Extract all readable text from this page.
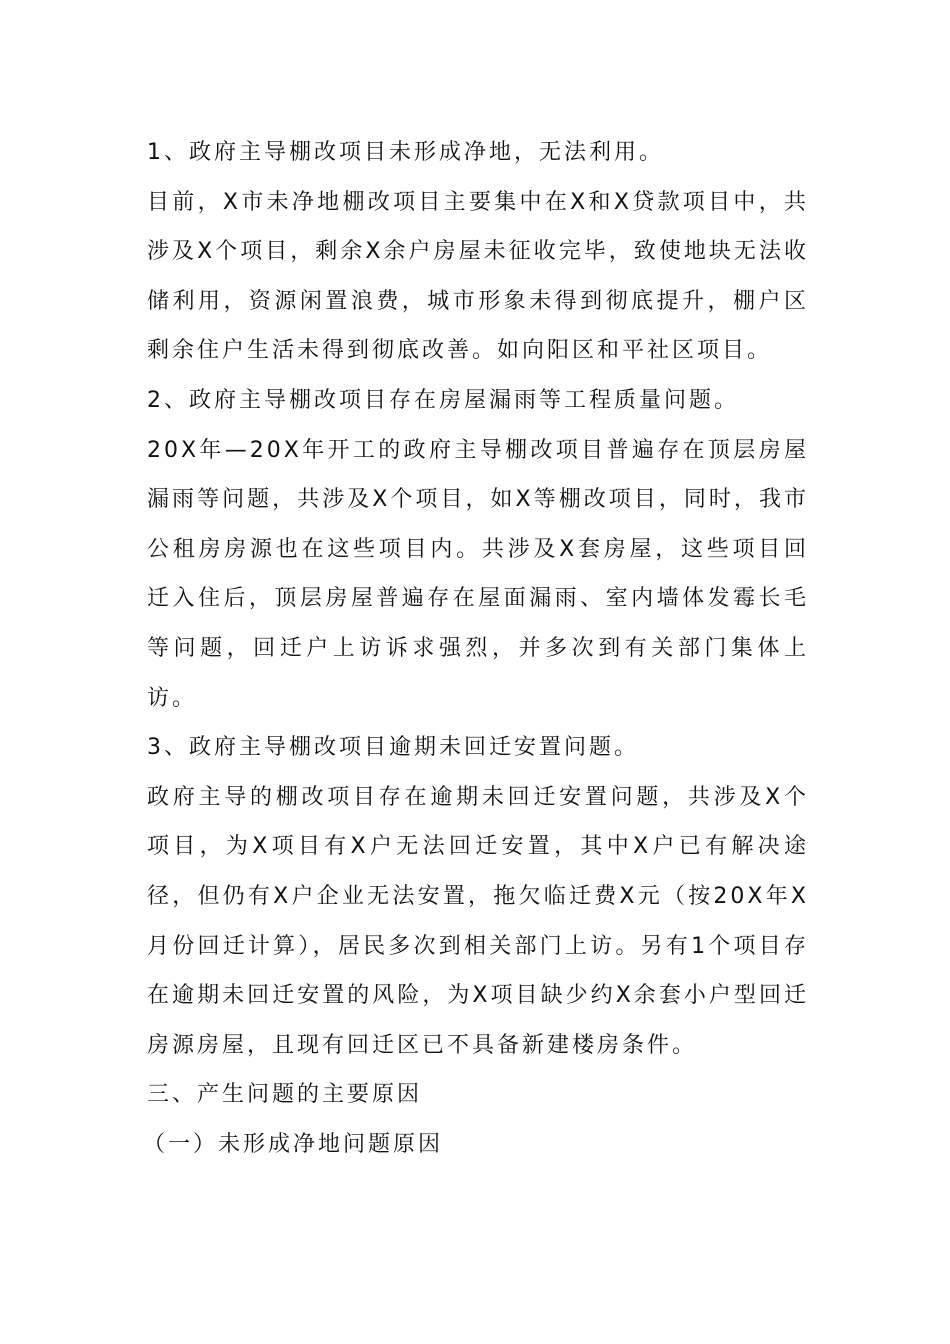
1、政府主导棚改项目未形成净地，无法利用。

目前，X市未净地棚改项目主要集中在X和X贷款项目中，共涉及X个项目，剩余X余户房屋未征收完毕，致使地块无法收储利用，资源闲置浪费，城市形象未得到彻底提升，棚户区剩余住户生活未得到彻底改善。如向阳区和平社区项目。

2、政府主导棚改项目存在房屋漏雨等工程质量问题。

20X年—20X年开工的政府主导棚改项目普遍存在顶层房屋漏雨等问题，共涉及X个项目，如X等棚改项目，同时，我市公租房房源也在这些项目内。共涉及X套房屋，这些项目回迁入住后，顶层房屋普遍存在屋面漏雨、室内墙体发霉长毛等问题，回迁户上访诉求强烈，并多次到有关部门集体上访。

3、政府主导棚改项目逾期未回迁安置问题。

政府主导的棚改项目存在逾期未回迁安置问题，共涉及X个项目，为X项目有X户无法回迁安置，其中X户已有解决途径，但仍有X户企业无法安置，拖欠临迁费X元（按20X年X月份回迁计算），居民多次到相关部门上访。另有1个项目存在逾期未回迁安置的风险，为X项目缺少约X余套小户型回迁房源房屋，且现有回迁区已不具备新建楼房条件。

三、产生问题的主要原因

（一）未形成净地问题原因
